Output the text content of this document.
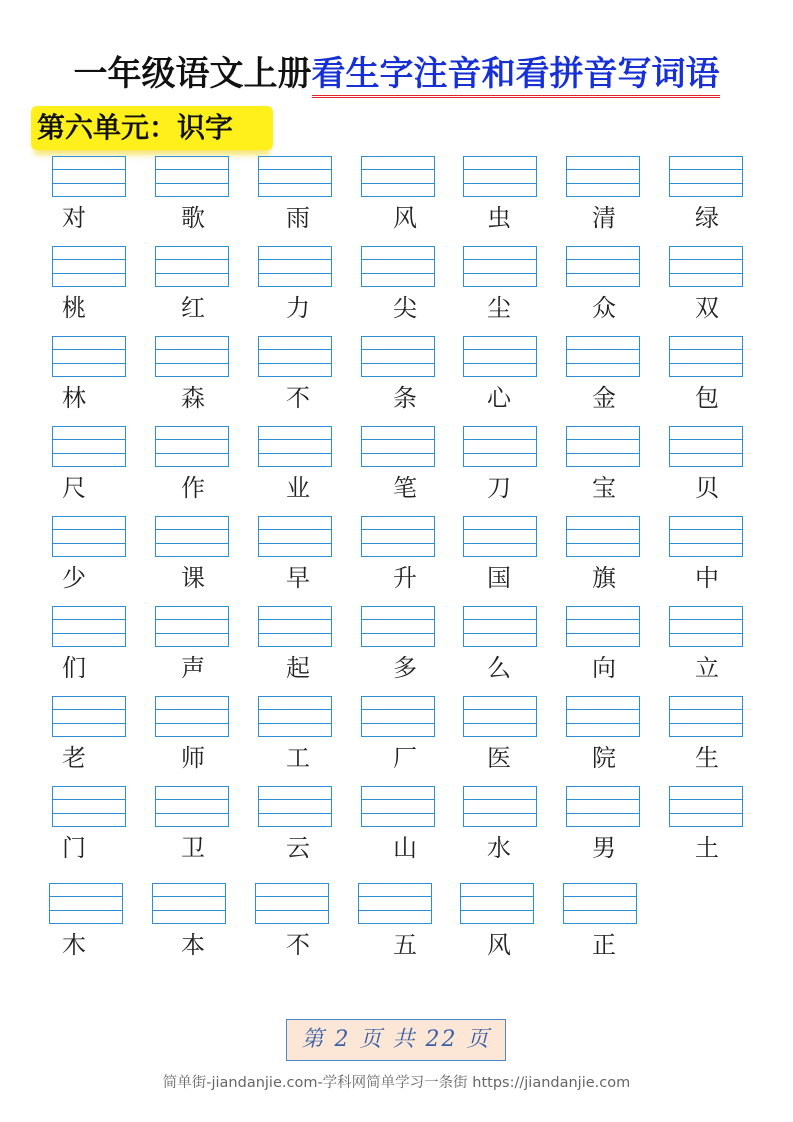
一年级语文上册看生字注音和看拼音写词语
第六单元：识字
对	歌	雨	风	虫	清	绿
桃	红	力	尖	尘	众	双
林	森	不	条	心	金	包
尺	作	业	笔	刀	宝	贝
少	课	早	升	国	旗	中
们	声	起	多	么	向	立
老	师	工	厂	医	院	生
门	卫	云	山	水	男	土
木	本	不	五	风	正
第 2 页 共 22 页
简单街-jiandanjie.com-学科网简单学习一条街 https://jiandanjie.com
